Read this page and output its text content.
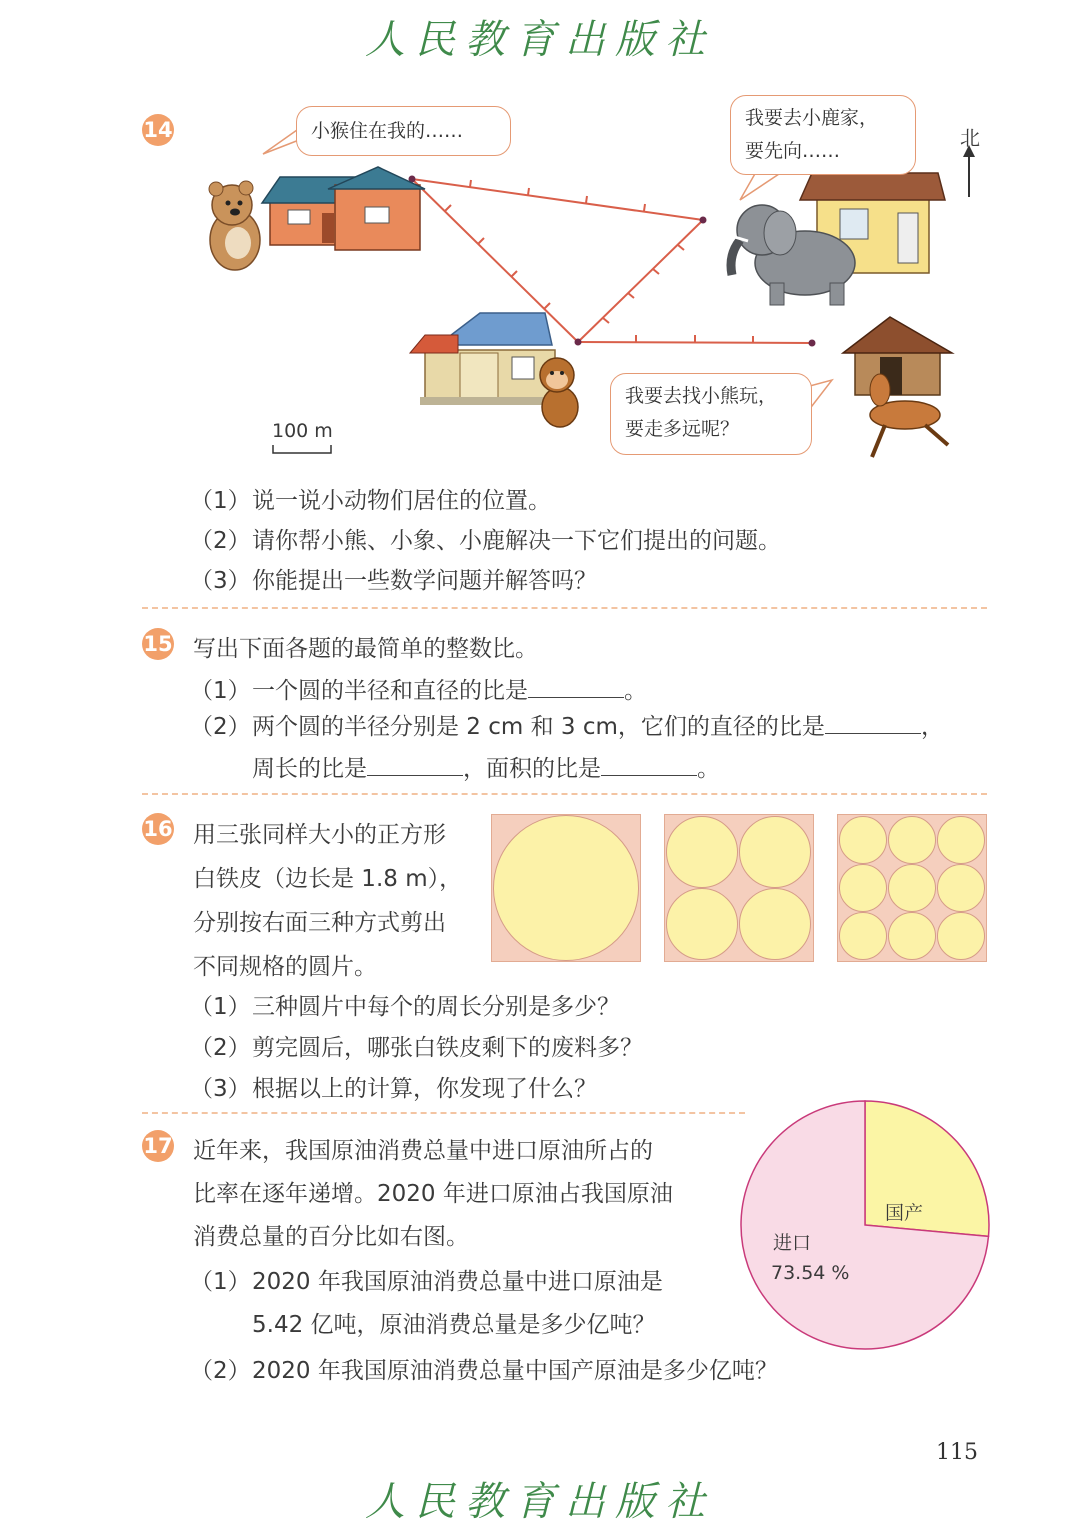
人民教育出版社
14	小猴住在我的……
我要去小鹿家，
要先向……
我要去找小熊玩，
要走多远呢？
北
100 m
（1）说一说小动物们居住的位置。
（2）请你帮小熊、小象、小鹿解决一下它们提出的问题。
（3）你能提出一些数学问题并解答吗？
15 写出下面各题的最简单的整数比。
（1）一个圆的半径和直径的比是	。
（2）两个圆的半径分别是 2 cm 和 3 cm，它们的直径的比是	，
周长的比是	，面积的比是	。
16 用三张同样大小的正方形
白铁皮（边长是 1.8 m），
分别按右面三种方式剪出
不同规格的圆片。
（1）三种圆片中每个的周长分别是多少？
（2）剪完圆后，哪张白铁皮剩下的废料多？
（3）根据以上的计算，你发现了什么？
17 近年来，我国原油消费总量中进口原油所占的
比率在逐年递增。2020 年进口原油占我国原油
消费总量的百分比如右图。
（1）2020 年我国原油消费总量中进口原油是
5.42 亿吨，原油消费总量是多少亿吨？
（2）2020 年我国原油消费总量中国产原油是多少亿吨？
国产
进口
73.54 %
115
人民教育出版社
